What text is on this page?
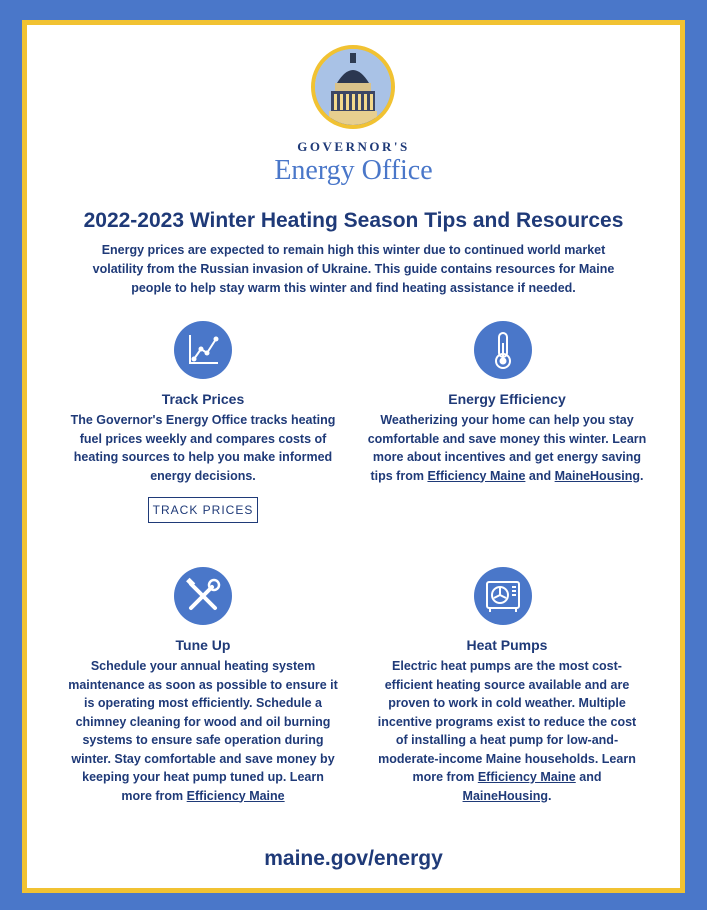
GOVERNOR'S
Energy Office
2022-2023 Winter Heating Season Tips and Resources
Energy prices are expected to remain high this winter due to continued world market volatility from the Russian invasion of Ukraine. This guide contains resources for Maine people to help stay warm this winter and find heating assistance if needed.
Track Prices
The Governor's Energy Office tracks heating fuel prices weekly and compares costs of heating sources to help you make informed energy decisions.
TRACK PRICES
Energy Efficiency
Weatherizing your home can help you stay comfortable and save money this winter. Learn more about incentives and get energy saving tips from Efficiency Maine and MaineHousing.
Tune Up
Schedule your annual heating system maintenance as soon as possible to ensure it is operating most efficiently. Schedule a chimney cleaning for wood and oil burning systems to ensure safe operation during winter. Stay comfortable and save money by keeping your heat pump tuned up. Learn more from Efficiency Maine
Heat Pumps
Electric heat pumps are the most cost-efficient heating source available and are proven to work in cold weather. Multiple incentive programs exist to reduce the cost of installing a heat pump for low-and-moderate-income Maine households. Learn more from Efficiency Maine and MaineHousing.
maine.gov/energy
